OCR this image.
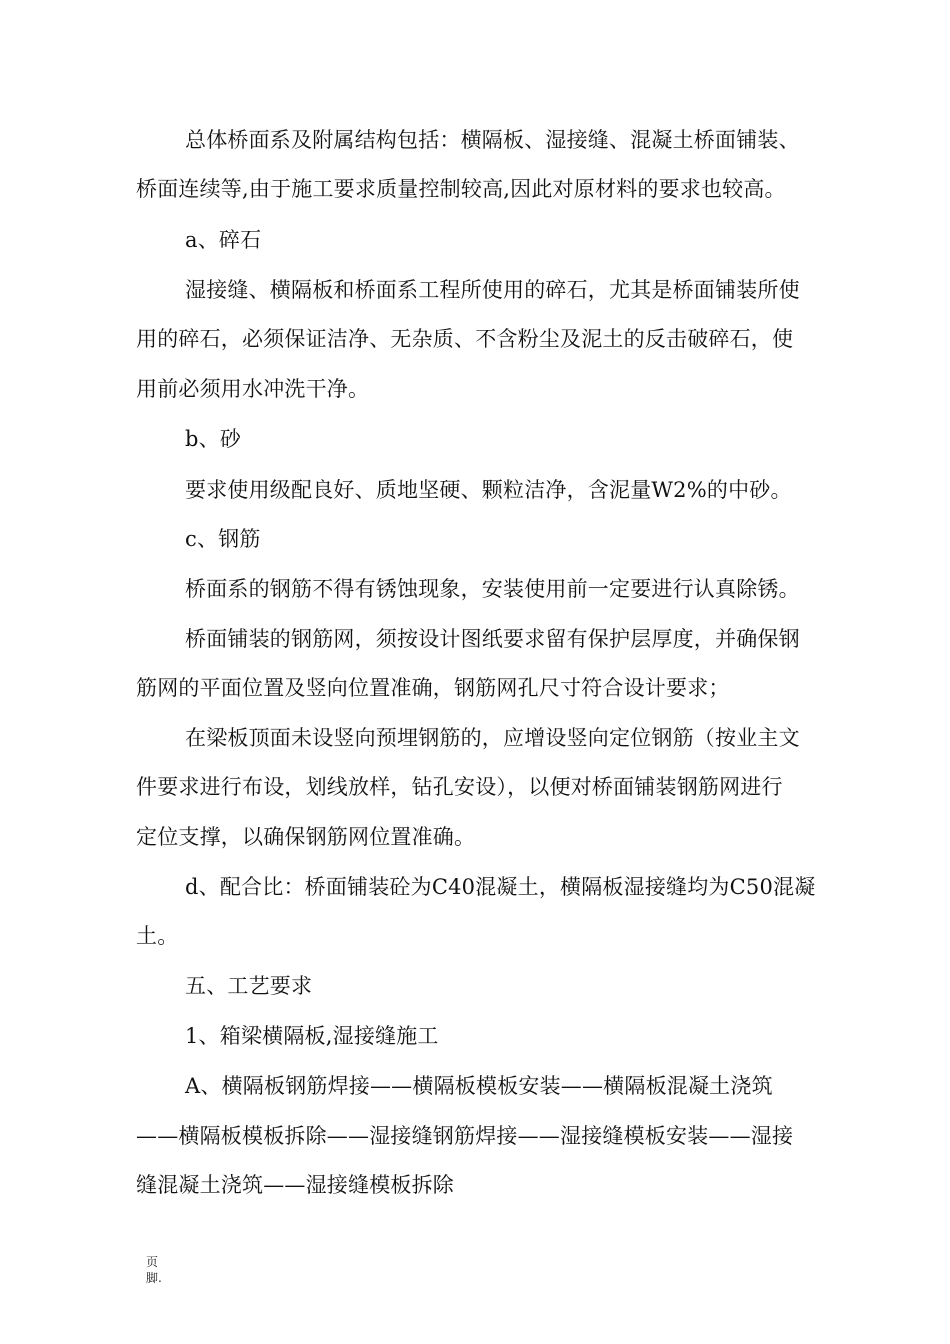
总体桥面系及附属结构包括：横隔板、湿接缝、混凝土桥面铺装、
桥面连续等,由于施工要求质量控制较高,因此对原材料的要求也较高。
a、碎石
湿接缝、横隔板和桥面系工程所使用的碎石，尤其是桥面铺装所使
用的碎石，必须保证洁净、无杂质、不含粉尘及泥土的反击破碎石，使
用前必须用水冲洗干净。
b、砂
要求使用级配良好、质地坚硬、颗粒洁净，含泥量W2%的中砂。
c、钢筋
桥面系的钢筋不得有锈蚀现象，安装使用前一定要进行认真除锈。
桥面铺装的钢筋网，须按设计图纸要求留有保护层厚度，并确保钢
筋网的平面位置及竖向位置准确，钢筋网孔尺寸符合设计要求；
在梁板顶面未设竖向预埋钢筋的，应增设竖向定位钢筋（按业主文
件要求进行布设，划线放样，钻孔安设），以便对桥面铺装钢筋网进行
定位支撑，以确保钢筋网位置准确。
d、配合比：桥面铺装砼为C40混凝土，横隔板湿接缝均为C50混凝
土。
五、工艺要求
1、箱梁横隔板,湿接缝施工
A、横隔板钢筋焊接——横隔板模板安装——横隔板混凝土浇筑
——横隔板模板拆除——湿接缝钢筋焊接——湿接缝模板安装——湿接
缝混凝土浇筑——湿接缝模板拆除
页
脚.
